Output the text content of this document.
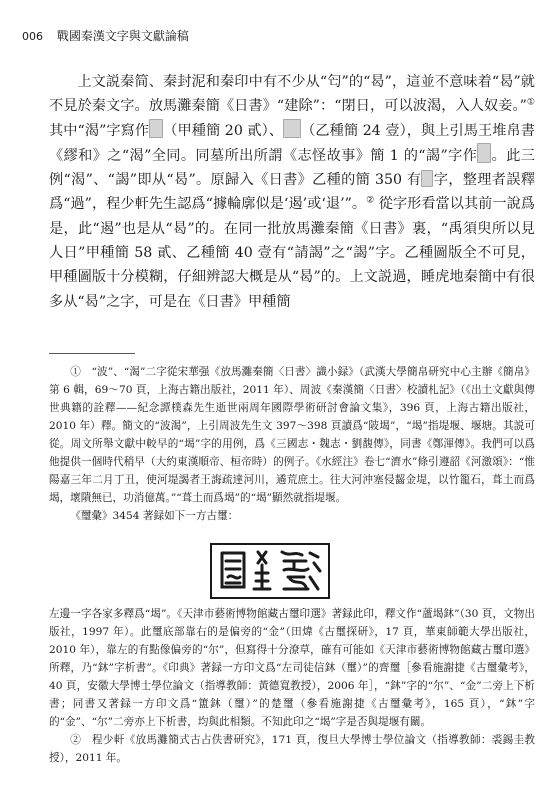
006 戰國秦漢文字與文獻論稿

上文説秦简、秦封泥和秦印中有不少从“匄”的“曷”，這並不意味着“曷”就不見於秦文字。放馬灘秦簡《日書》“建除”：“閉日，可以波渴，入人奴妾。”①其中“渴”字寫作 （甲種簡 20 貳）、 （乙種簡 24 壹），與上引馬王堆帛書《繆和》之“渴”全同。同墓所出所謂《志怪故事》簡 1 的“謁”字作 。此三例“渴”、“謁”即从“曷”。原歸入《日書》乙種的簡 350 有 字，整理者誤釋爲“過”，程少軒先生認爲“據輪廓似是‘遏’或‘退’”。② 從字形看當以其前一說爲是，此“遏”也是从“曷”的。在同一批放馬灘秦簡《日書》裏，“禹須臾所以見人日”甲種簡 58 貳、乙種簡 40 壹有“請謁”之“謁”字。乙種圖版全不可見，甲種圖版十分模糊，仔細辨認大概是从“曷”的。上文説過，睡虎地秦簡中有很多从“曷”之字，可是在《日書》甲種簡

①　“波”、“渴”二字從宋華强《放馬灘秦簡〈日書〉識小録》（武漢大學簡帛研究中心主辦《簡帛》第 6 輯，69～70 頁，上海古籍出版社，2011 年）、周波《秦漢簡〈日書〉校讀札記》（《出土文獻與傳世典籍的詮釋——紀念譚樸森先生逝世兩周年國際學術研討會論文集》，396 頁，上海古籍出版社，2010 年）釋。簡文的“波渴”，上引周波先生文 397～398 頁讀爲“陂堨”，“堨”指堤堰、堰塘。其説可從。周文所舉文獻中較早的“堨”字的用例，爲《三國志・魏志・劉馥傳》，同書《鄭渾傳》。我們可以爲他提供一個時代稍早（大約東漢順帝、桓帝時）的例子。《水經注》卷七“濟水”條引遵韶《河激頌》：“惟陽嘉三年二月丁丑，使河堤謁者王誨疏達河川，遹荒庶土。往大河沖塞侵齧金堤，以竹籠石，葺土而爲堨，壞隤無已，功消億萬。”“葺土而爲堨”的“堨”顯然就指堤堰。

《璽彙》3454 著録如下一方古璽：

左邊一字各家多釋爲“堨”。《天津市藝術博物館藏古璽印選》著録此印，釋文作“蘆堨鈢”（30 頁，文物出版社，1997 年）。此璽底部靠右的是偏旁的“金”（田煒《古璽探研》，17 頁，華東師範大學出版社，2010 年），靠左的有點像偏旁的“尔”，但寫得十分潦草，確有可能如《天津市藝術博物館藏古璽印選》所釋，乃“鈢”字析書”。《印典》著録一方印文爲“左司徒信鈢（璽）”的齊璽［參看施謝捷《古璽彙考》，40 頁，安徽大學博士學位論文（指導教師：黃德寬教授），2006 年］，“鈢”字的“尔”、“金”二旁上下析書；同書又著録一方印文爲“簠鈢（璽）”的楚璽（參看施謝捷《古璽彙考》，165 頁），“鈢”字的“金”、“尔”二旁亦上下析書，均與此相類。不知此印之“堨”字是否與堤堰有關。

②　程少軒《放馬灘簡式古占佚書研究》，171 頁，復旦大學博士學位論文（指導教師：裘錫圭教授），2011 年。
